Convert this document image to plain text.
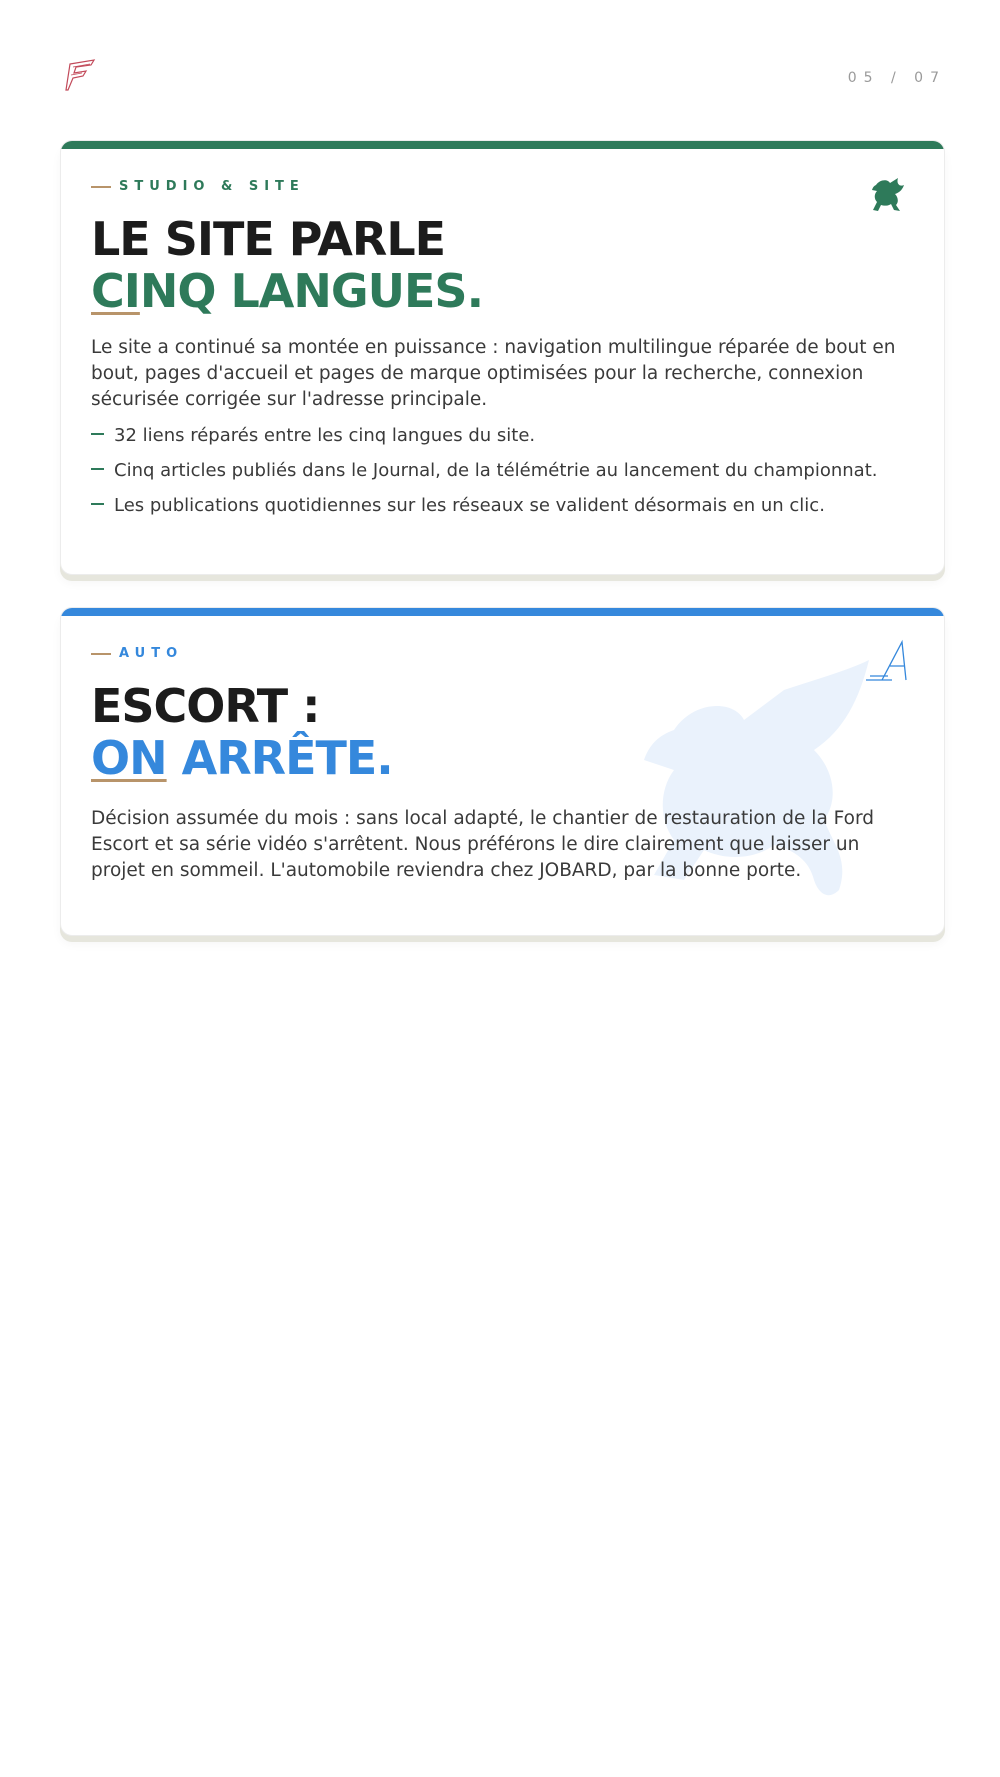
05 / 07
STUDIO & SITE
LE SITE PARLE
CINQ LANGUES.

Le site a continué sa montée en puissance : navigation multilingue réparée de bout en bout, pages d'accueil et pages de marque optimisées pour la recherche, connexion sécurisée corrigée sur l'adresse principale.

32 liens réparés entre les cinq langues du site.
Cinq articles publiés dans le Journal, de la télémétrie au lancement du championnat.
Les publications quotidiennes sur les réseaux se valident désormais en un clic.
AUTO
ESCORT :
ON ARRÊTE.

Décision assumée du mois : sans local adapté, le chantier de restauration de la Ford Escort et sa série vidéo s'arrêtent. Nous préférons le dire clairement que laisser un projet en sommeil. L'automobile reviendra chez JOBARD, par la bonne porte.
